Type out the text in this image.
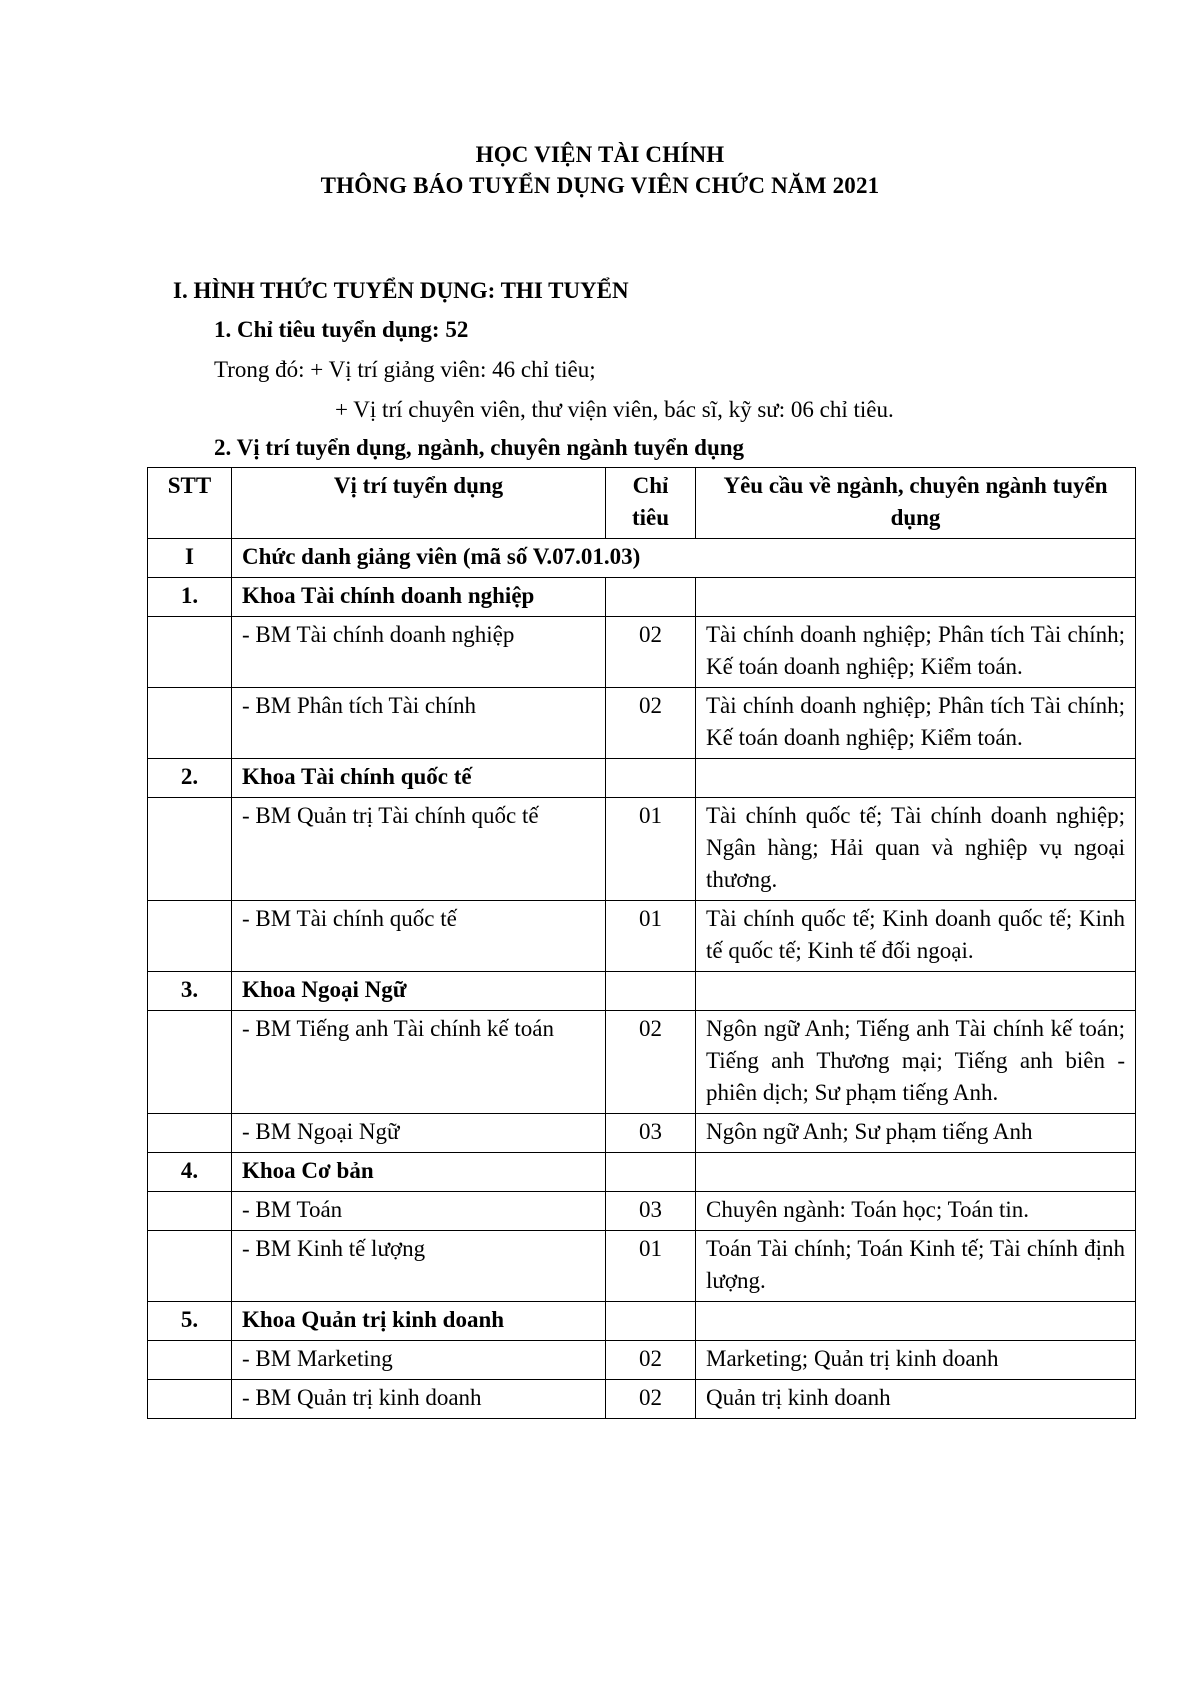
HỌC VIỆN TÀI CHÍNH
THÔNG BÁO TUYỂN DỤNG VIÊN CHỨC NĂM 2021
I. HÌNH THỨC TUYỂN DỤNG: THI TUYỂN
1. Chỉ tiêu tuyển dụng: 52
Trong đó: + Vị trí giảng viên: 46 chỉ tiêu;
+ Vị trí chuyên viên, thư viện viên, bác sĩ, kỹ sư: 06 chỉ tiêu.
2. Vị trí tuyển dụng, ngành, chuyên ngành tuyển dụng
STT	Vị trí tuyển dụng	Chỉ tiêu	Yêu cầu về ngành, chuyên ngành tuyển dụng
I	Chức danh giảng viên (mã số V.07.01.03)		
1.	Khoa Tài chính doanh nghiệp		
	- BM Tài chính doanh nghiệp	02	Tài chính doanh nghiệp; Phân tích Tài chính; Kế toán doanh nghiệp; Kiểm toán.
	- BM Phân tích Tài chính	02	Tài chính doanh nghiệp; Phân tích Tài chính; Kế toán doanh nghiệp; Kiểm toán.
2.	Khoa Tài chính quốc tế		
	- BM Quản trị Tài chính quốc tế	01	Tài chính quốc tế; Tài chính doanh nghiệp; Ngân hàng; Hải quan và nghiệp vụ ngoại thương.
	- BM Tài chính quốc tế	01	Tài chính quốc tế; Kinh doanh quốc tế; Kinh tế quốc tế; Kinh tế đối ngoại.
3.	Khoa Ngoại Ngữ		
	- BM Tiếng anh Tài chính kế toán	02	Ngôn ngữ Anh; Tiếng anh Tài chính kế toán; Tiếng anh Thương mại; Tiếng anh biên - phiên dịch; Sư phạm tiếng Anh.
	- BM Ngoại Ngữ	03	Ngôn ngữ Anh; Sư phạm tiếng Anh
4.	Khoa Cơ bản		
	- BM Toán	03	Chuyên ngành: Toán học; Toán tin.
	- BM Kinh tế lượng	01	Toán Tài chính; Toán Kinh tế; Tài chính định lượng.
5.	Khoa Quản trị kinh doanh		
	- BM Marketing	02	Marketing; Quản trị kinh doanh
	- BM Quản trị kinh doanh	02	Quản trị kinh doanh
